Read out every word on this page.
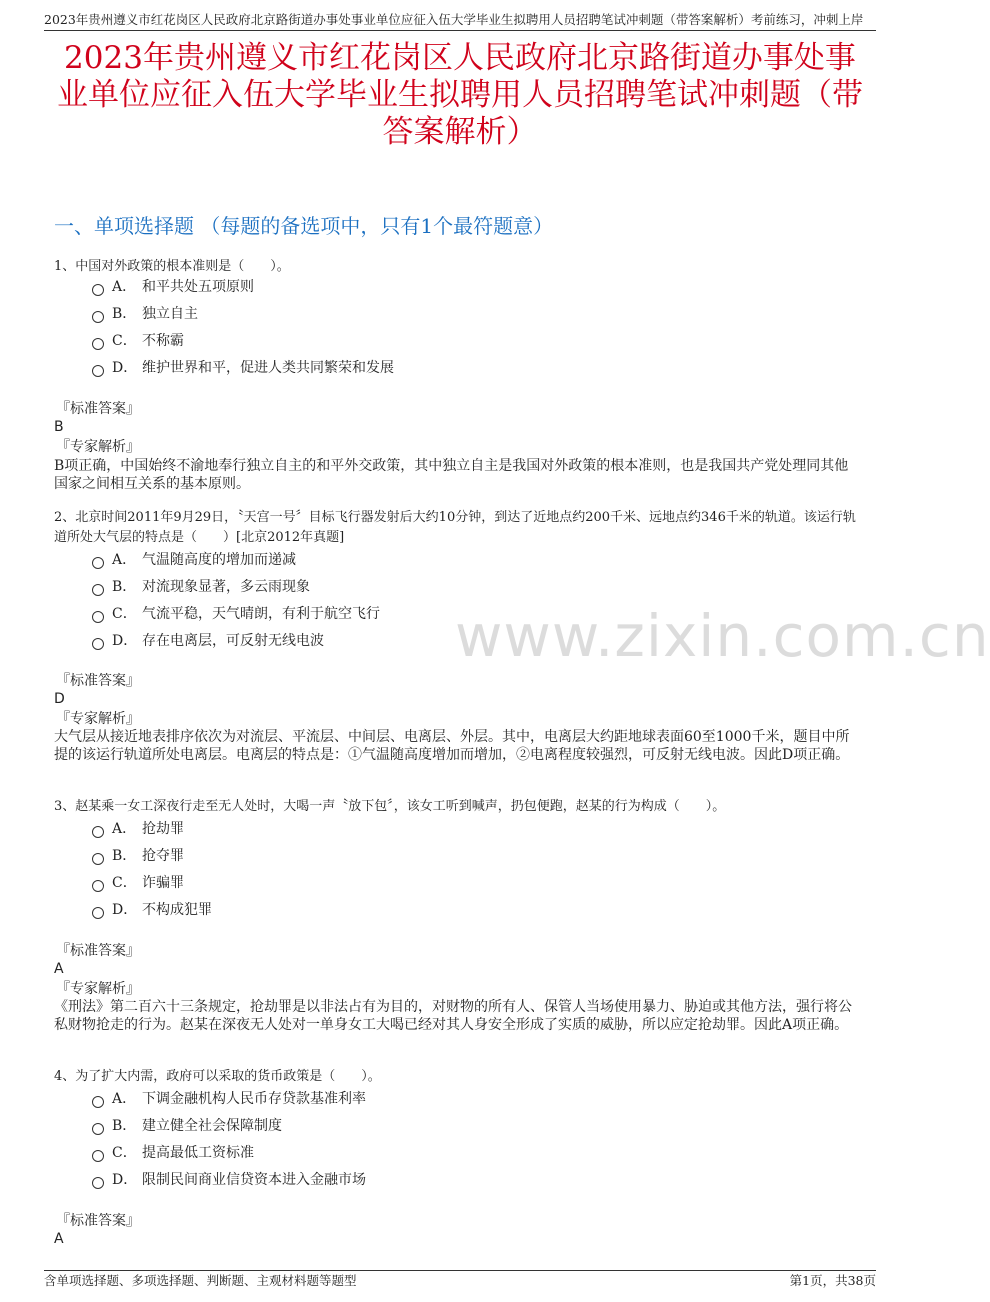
2023年贵州遵义市红花岗区人民政府北京路街道办事处事业单位应征入伍大学毕业生拟聘用人员招聘笔试冲刺题（带答案解析）考前练习，冲刺上岸
2023年贵州遵义市红花岗区人民政府北京路街道办事处事业单位应征入伍大学毕业生拟聘用人员招聘笔试冲刺题（带答案解析）
一、单项选择题 （每题的备选项中，只有1个最符题意）
www.zixin.com.cn
1、中国对外政策的根本准则是（　　）。
A． 和平共处五项原则
B． 独立自主
C． 不称霸
D． 维护世界和平，促进人类共同繁荣和发展
『标准答案』
B
『专家解析』
B项正确，中国始终不渝地奉行独立自主的和平外交政策，其中独立自主是我国对外政策的根本准则，也是我国共产党处理同其他国家之间相互关系的基本原则。
2、北京时间2011年9月29日，〝天宫一号〞目标飞行器发射后大约10分钟，到达了近地点约200千米、远地点约346千米的轨道。该运行轨道所处大气层的特点是（　　）[北京2012年真题]
A． 气温随高度的增加而递减
B． 对流现象显著，多云雨现象
C． 气流平稳，天气晴朗，有利于航空飞行
D． 存在电离层，可反射无线电波
『标准答案』
D
『专家解析』
大气层从接近地表排序依次为对流层、平流层、中间层、电离层、外层。其中，电离层大约距地球表面60至1000千米，题目中所提的该运行轨道所处电离层。电离层的特点是：①气温随高度增加而增加，②电离程度较强烈，可反射无线电波。因此D项正确。
3、赵某乘一女工深夜行走至无人处时，大喝一声〝放下包〞，该女工听到喊声，扔包便跑，赵某的行为构成（　　）。
A． 抢劫罪
B． 抢夺罪
C． 诈骗罪
D． 不构成犯罪
『标准答案』
A
『专家解析』
《刑法》第二百六十三条规定，抢劫罪是以非法占有为目的，对财物的所有人、保管人当场使用暴力、胁迫或其他方法，强行将公私财物抢走的行为。赵某在深夜无人处对一单身女工大喝已经对其人身安全形成了实质的威胁，所以应定抢劫罪。因此A项正确。
4、为了扩大内需，政府可以采取的货币政策是（　　）。
A． 下调金融机构人民币存贷款基准利率
B． 建立健全社会保障制度
C． 提高最低工资标准
D． 限制民间商业信贷资本进入金融市场
『标准答案』
A
含单项选择题、多项选择题、判断题、主观材料题等题型	第1页，共38页
